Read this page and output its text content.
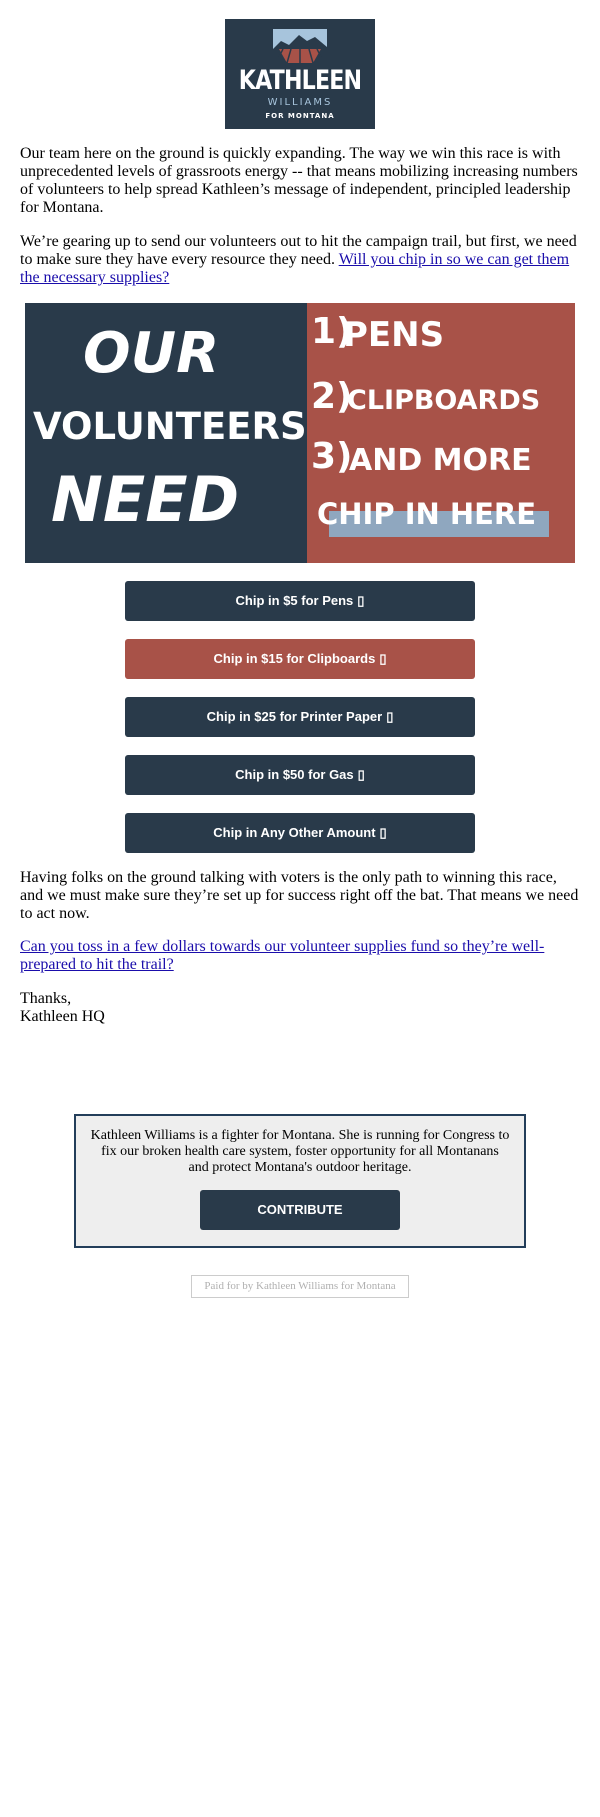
KATHLEEN
WILLIAMS
FOR MONTANA

Our team here on the ground is quickly expanding. The way we win this race is with unprecedented levels of grassroots energy -- that means mobilizing increasing numbers of volunteers to help spread Kathleen’s message of independent, principled leadership for Montana.

We’re gearing up to send our volunteers out to hit the campaign trail, but first, we need to make sure they have every resource they need. Will you chip in so we can get them the necessary supplies?

OUR
VOLUNTEERS
NEED
1)
PENS
2)
CLIPBOARDS
3)
AND MORE
CHIP IN HERE
Chip in $5 for Pens ▯
Chip in $15 for Clipboards ▯
Chip in $25 for Printer Paper ▯
Chip in $50 for Gas ▯
Chip in Any Other Amount ▯

Having folks on the ground talking with voters is the only path to winning this race, and we must make sure they’re set up for success right off the bat. That means we need to act now.

Can you toss in a few dollars towards our volunteer supplies fund so they’re well-prepared to hit the trail?

Thanks,

Kathleen HQ

Kathleen Williams is a fighter for Montana. She is running for Congress to fix our broken health care system, foster opportunity for all Montanans and protect Montana's outdoor heritage.
CONTRIBUTE
Paid for by Kathleen Williams for Montana
